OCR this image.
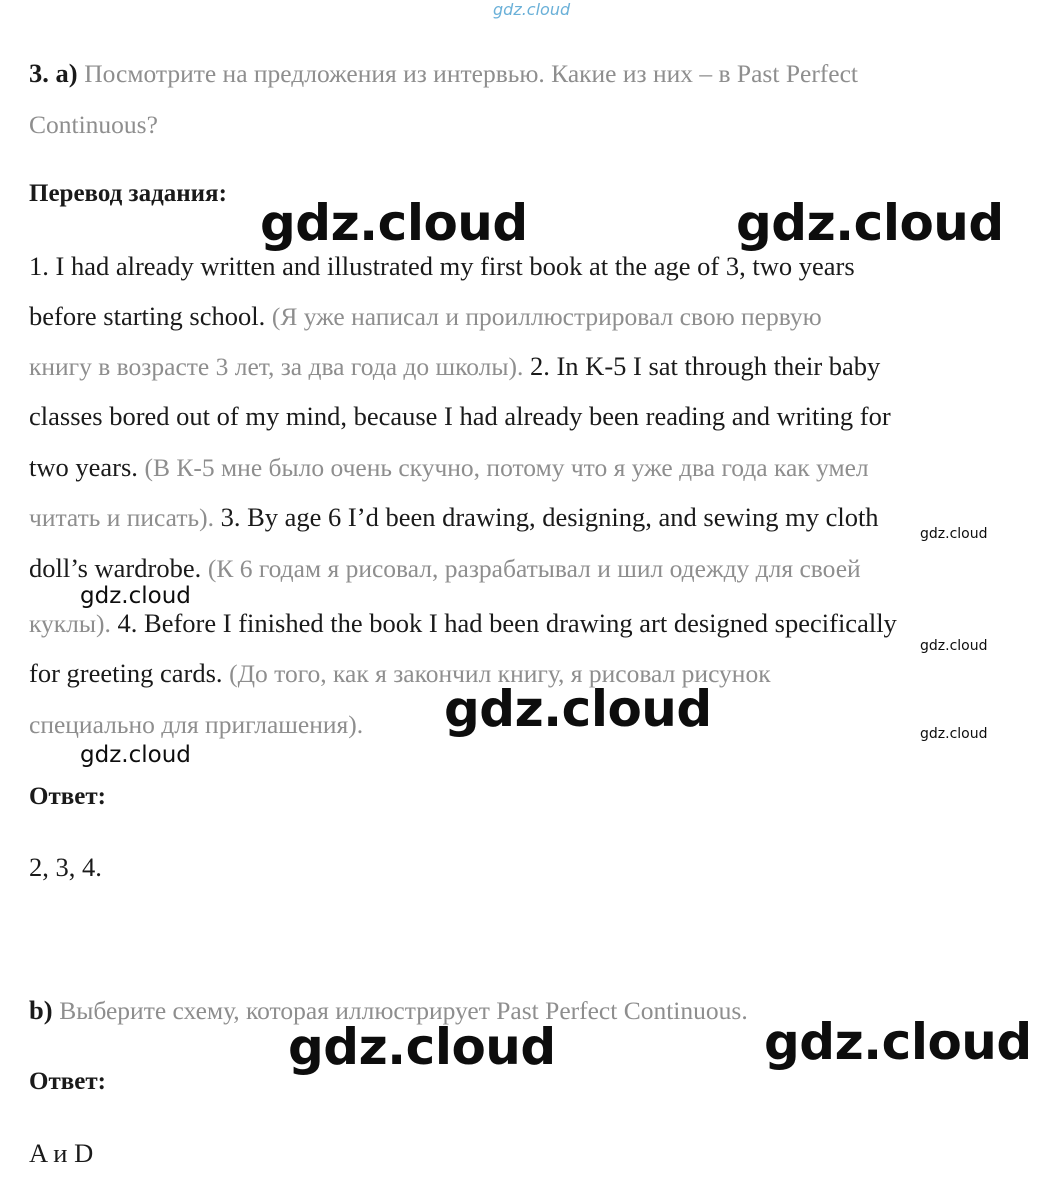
gdz.cloud
3. a) Посмотрите на предложения из интервью. Какие из них – в Past Perfect
Continuous?
Перевод задания:
1. I had already written and illustrated my first book at the age of 3, two years
before starting school. (Я уже написал и проиллюстрировал свою первую
книгу в возрасте 3 лет, за два года до школы). 2. In K-5 I sat through their baby
classes bored out of my mind, because I had already been reading and writing for
two years. (В К-5 мне было очень скучно, потому что я уже два года как умел
читать и писать). 3. By age 6 I’d been drawing, designing, and sewing my cloth
doll’s wardrobe. (К 6 годам я рисовал, разрабатывал и шил одежду для своей
куклы). 4. Before I finished the book I had been drawing art designed specifically
for greeting cards. (До того, как я закончил книгу, я рисовал рисунок
специально для приглашения).
Ответ:
2, 3, 4.
b) Выберите схему, которая иллюстрирует Past Perfect Continuous.
Ответ:
A и D
gdz.cloud	gdz.cloud
gdz.cloud
gdz.cloud
gdz.cloud
gdz.cloud	gdz.cloud
gdz.cloud
gdz.cloud	gdz.cloud
